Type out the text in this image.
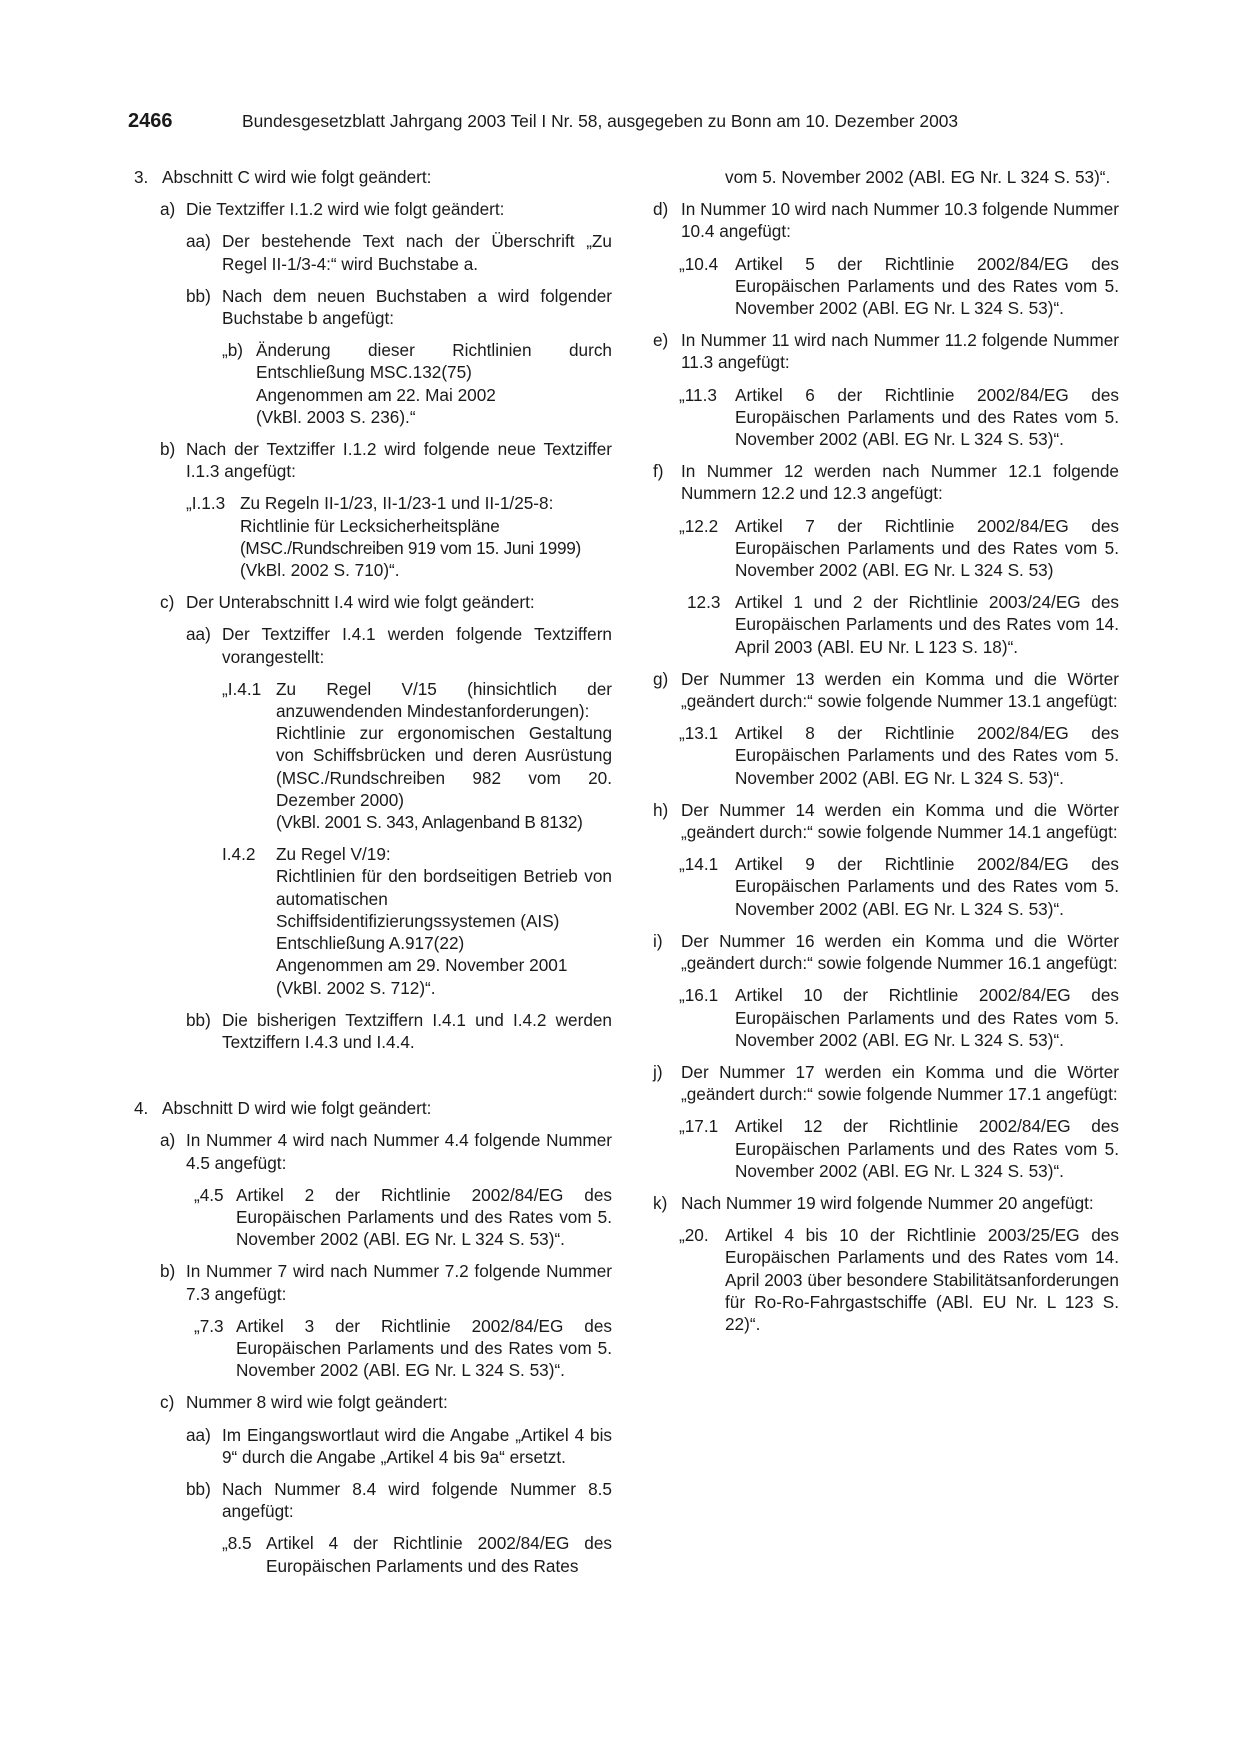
2466	Bundesgesetzblatt Jahrgang 2003 Teil I Nr. 58, ausgegeben zu Bonn am 10. Dezember 2003
3. Abschnitt C wird wie folgt geändert:
a) Die Textziffer I.1.2 wird wie folgt geändert:
aa) Der bestehende Text nach der Überschrift „Zu Regel II-1/3-4:“ wird Buchstabe a.
bb) Nach dem neuen Buchstaben a wird folgender Buchstabe b angefügt:
„b) Änderung dieser Richtlinien durch Entschließung MSC.132(75)
Angenommen am 22. Mai 2002
(VkBl. 2003 S. 236).“
b) Nach der Textziffer I.1.2 wird folgende neue Textziffer I.1.3 angefügt:
„I.1.3 Zu Regeln II-1/23, II-1/23-1 und II-1/25-8:
Richtlinie für Lecksicherheitspläne
(MSC./Rundschreiben 919 vom 15. Juni 1999)
(VkBl. 2002 S. 710)“.
c) Der Unterabschnitt I.4 wird wie folgt geändert:
aa) Der Textziffer I.4.1 werden folgende Textziffern vorangestellt:
„I.4.1 Zu Regel V/15 (hinsichtlich der anzuwendenden Mindestanforderungen):
Richtlinie zur ergonomischen Gestaltung von Schiffsbrücken und deren Ausrüstung (MSC./Rundschreiben 982 vom 20. Dezember 2000)
(VkBl. 2001 S. 343, Anlagenband B 8132)
I.4.2 Zu Regel V/19:
Richtlinien für den bordseitigen Betrieb von automatischen Schiffsidentifizierungssystemen (AIS)
Entschließung A.917(22)
Angenommen am 29. November 2001
(VkBl. 2002 S. 712)“.
bb) Die bisherigen Textziffern I.4.1 und I.4.2 werden Textziffern I.4.3 und I.4.4.
4. Abschnitt D wird wie folgt geändert:
a) In Nummer 4 wird nach Nummer 4.4 folgende Nummer 4.5 angefügt:
„4.5 Artikel 2 der Richtlinie 2002/84/EG des Europäischen Parlaments und des Rates vom 5. November 2002 (ABl. EG Nr. L 324 S. 53)“.
b) In Nummer 7 wird nach Nummer 7.2 folgende Nummer 7.3 angefügt:
„7.3 Artikel 3 der Richtlinie 2002/84/EG des Europäischen Parlaments und des Rates vom 5. November 2002 (ABl. EG Nr. L 324 S. 53)“.
c) Nummer 8 wird wie folgt geändert:
aa) Im Eingangswortlaut wird die Angabe „Artikel 4 bis 9“ durch die Angabe „Artikel 4 bis 9a“ ersetzt.
bb) Nach Nummer 8.4 wird folgende Nummer 8.5 angefügt:
„8.5 Artikel 4 der Richtlinie 2002/84/EG des Europäischen Parlaments und des Rates
vom 5. November 2002 (ABl. EG Nr. L 324 S. 53)“.
d) In Nummer 10 wird nach Nummer 10.3 folgende Nummer 10.4 angefügt:
„10.4 Artikel 5 der Richtlinie 2002/84/EG des Europäischen Parlaments und des Rates vom 5. November 2002 (ABl. EG Nr. L 324 S. 53)“.
e) In Nummer 11 wird nach Nummer 11.2 folgende Nummer 11.3 angefügt:
„11.3 Artikel 6 der Richtlinie 2002/84/EG des Europäischen Parlaments und des Rates vom 5. November 2002 (ABl. EG Nr. L 324 S. 53)“.
f) In Nummer 12 werden nach Nummer 12.1 folgende Nummern 12.2 und 12.3 angefügt:
„12.2 Artikel 7 der Richtlinie 2002/84/EG des Europäischen Parlaments und des Rates vom 5. November 2002 (ABl. EG Nr. L 324 S. 53)
12.3 Artikel 1 und 2 der Richtlinie 2003/24/EG des Europäischen Parlaments und des Rates vom 14. April 2003 (ABl. EU Nr. L 123 S. 18)“.
g) Der Nummer 13 werden ein Komma und die Wörter „geändert durch:“ sowie folgende Nummer 13.1 angefügt:
„13.1 Artikel 8 der Richtlinie 2002/84/EG des Europäischen Parlaments und des Rates vom 5. November 2002 (ABl. EG Nr. L 324 S. 53)“.
h) Der Nummer 14 werden ein Komma und die Wörter „geändert durch:“ sowie folgende Nummer 14.1 angefügt:
„14.1 Artikel 9 der Richtlinie 2002/84/EG des Europäischen Parlaments und des Rates vom 5. November 2002 (ABl. EG Nr. L 324 S. 53)“.
i) Der Nummer 16 werden ein Komma und die Wörter „geändert durch:“ sowie folgende Nummer 16.1 angefügt:
„16.1 Artikel 10 der Richtlinie 2002/84/EG des Europäischen Parlaments und des Rates vom 5. November 2002 (ABl. EG Nr. L 324 S. 53)“.
j) Der Nummer 17 werden ein Komma und die Wörter „geändert durch:“ sowie folgende Nummer 17.1 angefügt:
„17.1 Artikel 12 der Richtlinie 2002/84/EG des Europäischen Parlaments und des Rates vom 5. November 2002 (ABl. EG Nr. L 324 S. 53)“.
k) Nach Nummer 19 wird folgende Nummer 20 angefügt:
„20. Artikel 4 bis 10 der Richtlinie 2003/25/EG des Europäischen Parlaments und des Rates vom 14. April 2003 über besondere Stabilitätsanforderungen für Ro-Ro-Fahrgastschiffe (ABl. EU Nr. L 123 S. 22)“.
